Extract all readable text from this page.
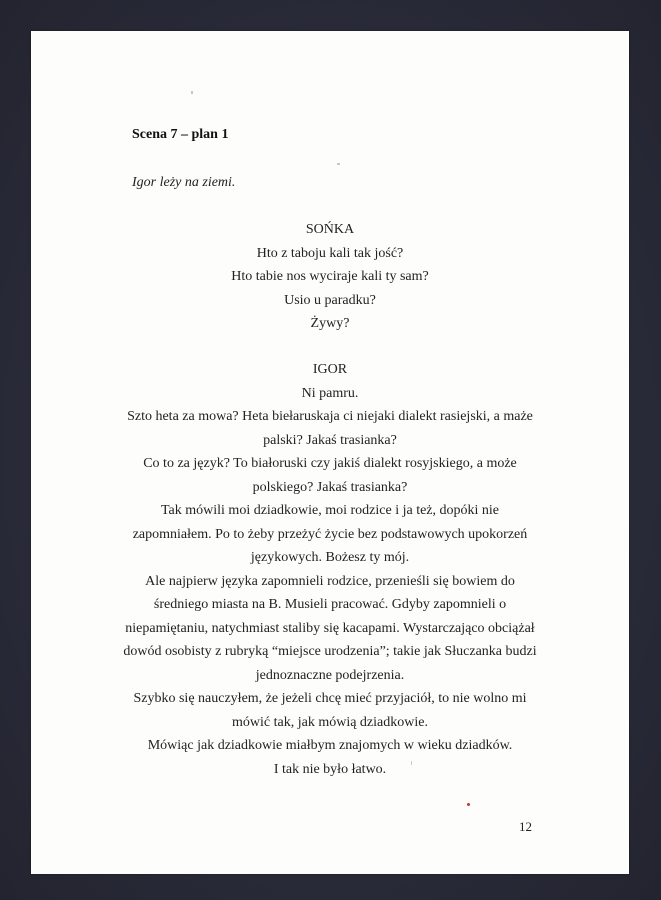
Scena 7 – plan 1
Igor leży na ziemi.
SOŃKA
Hto z taboju kali tak jość?
Hto tabie nos wyciraje kali ty sam?
Usio u paradku?
Żywy?
IGOR
Ni pamru.
Szto heta za mowa? Heta biełaruskaja ci niejaki dialekt rasiejski, a maże
palski? Jakaś trasianka?
Co to za język? To białoruski czy jakiś dialekt rosyjskiego, a może
polskiego? Jakaś trasianka?
Tak mówili moi dziadkowie, moi rodzice i ja też, dopóki nie
zapomniałem. Po to żeby przeżyć życie bez podstawowych upokorzeń
językowych. Bożesz ty mój.
Ale najpierw języka zapomnieli rodzice, przenieśli się bowiem do
średniego miasta na B. Musieli pracować. Gdyby zapomnieli o
niepamiętaniu, natychmiast staliby się kacapami. Wystarczająco obciążał
dowód osobisty z rubryką “miejsce urodzenia”; takie jak Słuczanka budzi
jednoznaczne podejrzenia.
Szybko się nauczyłem, że jeżeli chcę mieć przyjaciół, to nie wolno mi
mówić tak, jak mówią dziadkowie.
Mówiąc jak dziadkowie miałbym znajomych w wieku dziadków.
I tak nie było łatwo.
12
